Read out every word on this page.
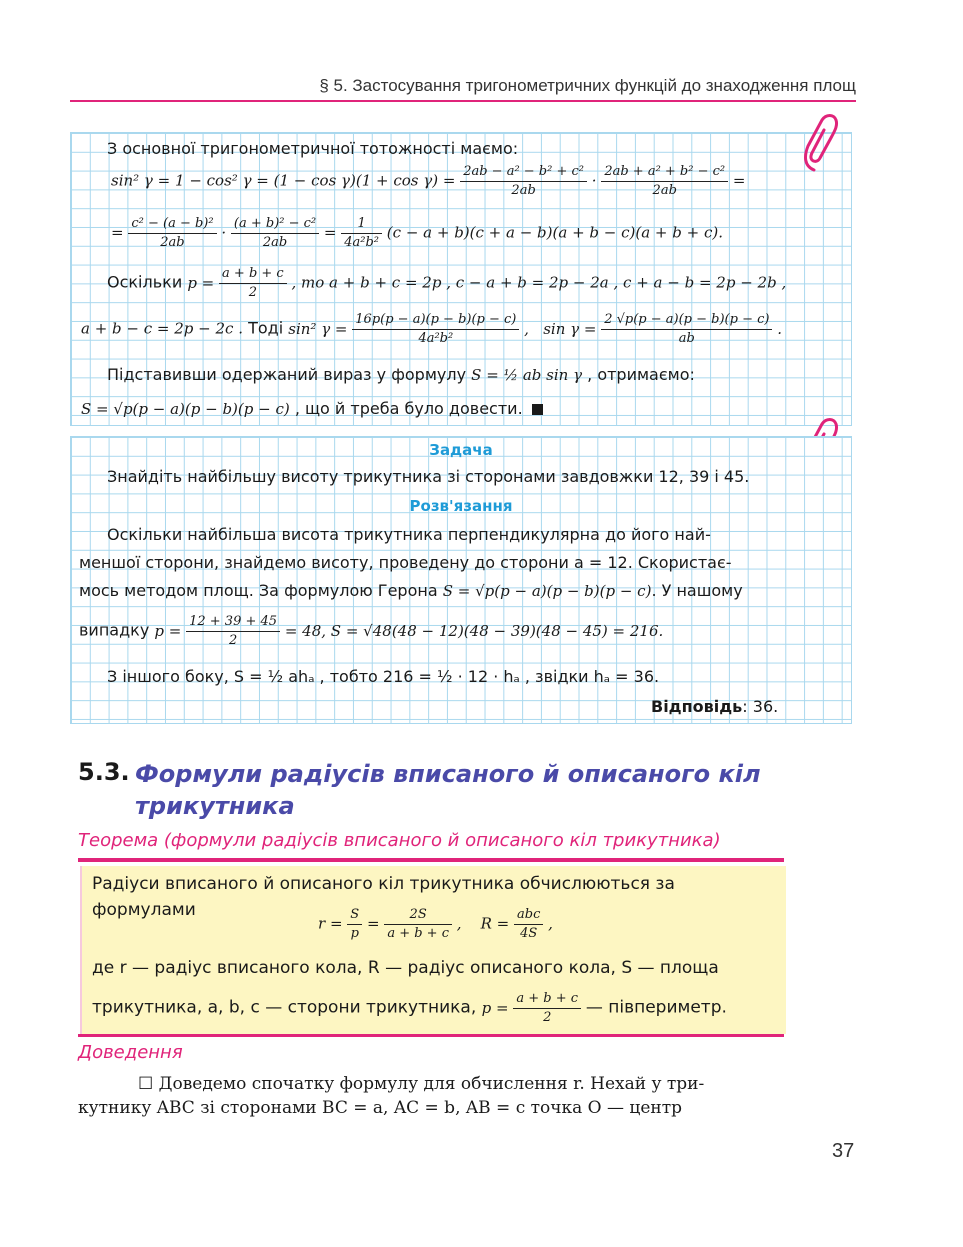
§ 5. Застосування тригонометричних функцій до знаходження площ
З основної тригонометричної тотожності маємо:
sin² γ = 1 − cos² $\gamma = (1 - \cos \gamma)(1 + \cos \gamma) = \frac{\text{2ab − a² − b² + c²}}{2ab} \cdot \frac{\text{2ab + a² + b² − c²}}{2ab}$ =
= $\frac{\text{c² − (a − b)²}}{2ab} \cdot \frac{\text{(a + b)² − c²}}{2ab} = \frac{1}{\text{4a²b²}} (c - a + b)(c + a - b)(a + b - c)(a + b + c)$.
Оскільки $p = \frac{a + b + c}{2}$ , то a + b + c = 2p , c − a + b = 2p − 2a , c + a − b = 2p − 2b ,
a + b − c = 2p − 2c . Тоді sin² $\gamma = \frac{16p(p - a)(p - b)(p - c)}{\text{4a²b²}}$ ,   $\sin \gamma = \frac{2 √p(p - a)(p - b)(p - c)}{ab}$ .
Підставивши одержаний вираз у формулу S = ½ ab sin γ , отримаємо:
S = √p(p − a)(p − b)(p − c) , що й треба було довести.
Задача
Знайдіть найбільшу висоту трикутника зі сторонами завдовжки 12, 39 і 45.
Розв'язання
Оскільки найбільша висота трикутника перпендикулярна до його най-
меншої сторони, знайдемо висоту, проведену до сторони a = 12. Скористає-
мось методом площ. За формулою Герона S = √p(p − a)(p − b)(p − c). У нашому
випадку $p = \frac{12 + 39 + 45}{2} = 48$, S = √48(48 − 12)(48 − 39)(48 − 45) = 216.
З іншого боку, S = ½ ahₐ , тобто 216 = ½ · 12 · hₐ , звідки hₐ = 36.
Відповідь: 36.
5.3. Формули радіусів вписаного й описаного кіл трикутника
Теорема (формули радіусів вписаного й описаного кіл трикутника)
Радіуси вписаного й описаного кіл трикутника обчислюються за
формулами
$r = \frac{S}{p} = \frac{2S}{a + b + c}$ ,    $R = \frac{\text{abc}}{4S}$ ,
де r — радіус вписаного кола, R — радіус описаного кола, S — площа
трикутника, a, b, c — сторони трикутника, $p = \frac{a + b + c}{2}$ — півпериметр.
Доведення
☐ Доведемо спочатку формулу для обчислення r. Нехай у три-
кутнику ABC зі сторонами BC = a, AC = b, AB = c точка O — центр
37
